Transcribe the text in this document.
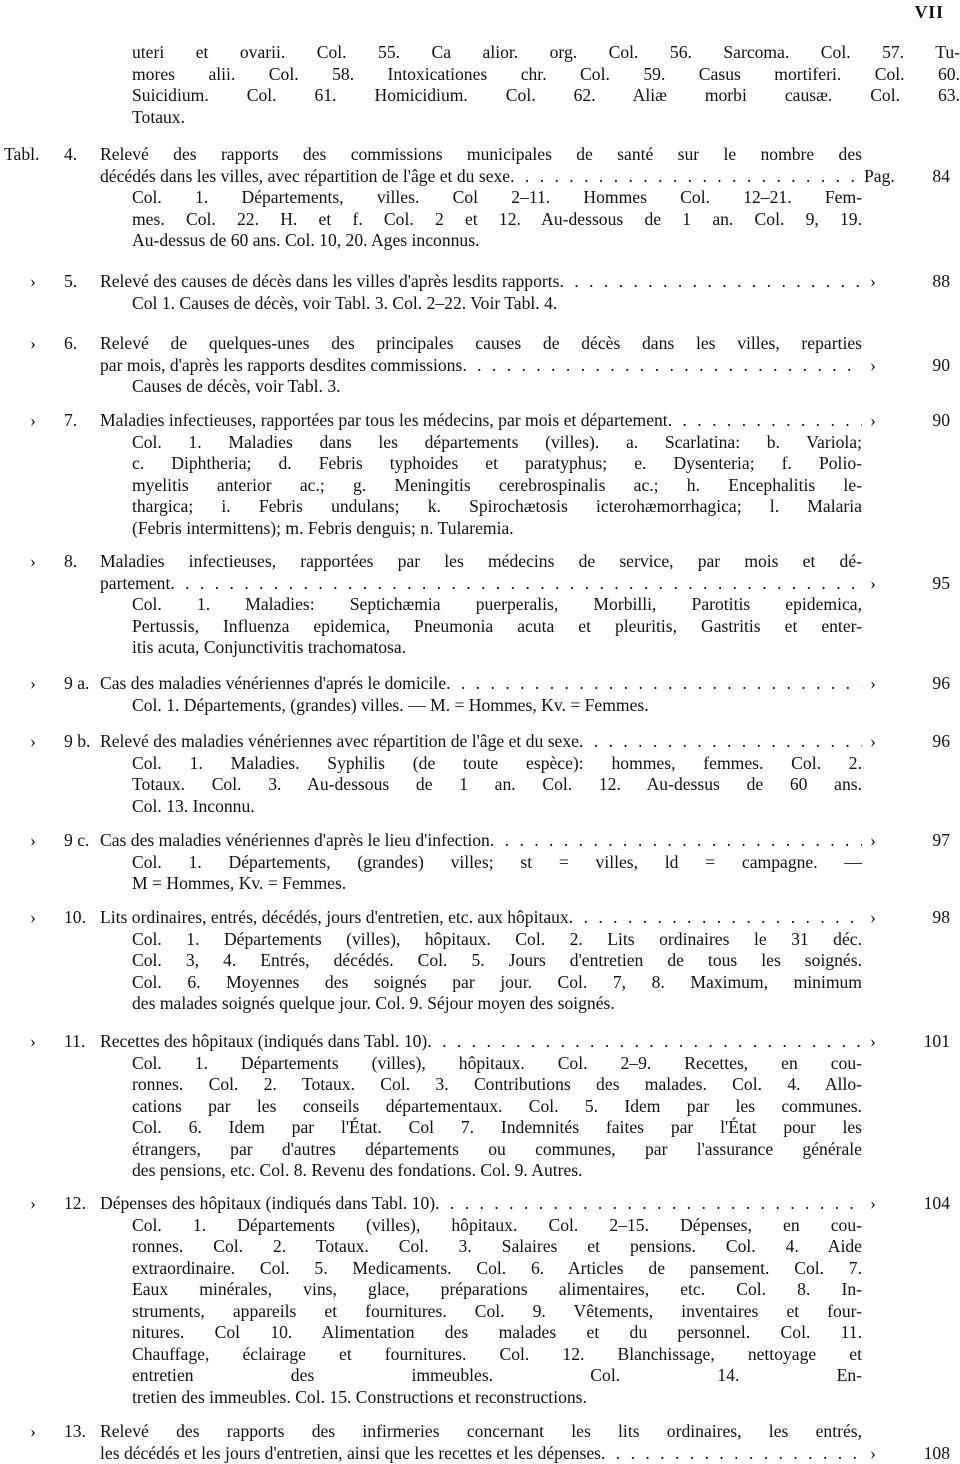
VII
uteri et ovarii. Col. 55. Ca alior. org. Col. 56. Sarcoma. Col. 57. Tu-
mores alii. Col. 58. Intoxicationes chr. Col. 59. Casus mortiferi. Col. 60.
Suicidium. Col. 61. Homicidium. Col. 62. Aliæ morbi causæ. Col. 63.
Totaux.
Tabl. 4.	Relevé des rapports des commissions municipales de santé sur le nombre des
décédés dans les villes, avec répartition de l'âge et du sexe . . .	Pag. 84
Col. 1. Départements, villes. Col 2–11. Hommes Col. 12–21. Fem-
mes. Col. 22. H. et f. Col. 2 et 12. Au-dessous de 1 an. Col. 9, 19.
Au-dessus de 60 ans. Col. 10, 20. Ages inconnus.
› 5. Relevé des causes de décès dans les villes d'après lesdits rapports . . .	›	88
Col 1. Causes de décès, voir Tabl. 3. Col. 2–22. Voir Tabl. 4.
› 6.	Relevé de quelques-unes des principales causes de décès dans les villes, reparties
par mois, d'après les rapports desdites commissions . . .	›	90
Causes de décès, voir Tabl. 3.
› 7. Maladies infectieuses, rapportées par tous les médecins, par mois et département . . .	›	90
Col. 1. Maladies dans les départements (villes). a. Scarlatina: b. Variola;
c. Diphtheria; d. Febris typhoides et paratyphus; e. Dysenteria; f. Polio-
myelitis anterior ac.; g. Meningitis cerebrospinalis ac.; h. Encephalitis le-
thargica; i. Febris undulans; k. Spirochætosis icterohæmorrhagica; l. Malaria
(Febris intermittens); m. Febris denguis; n. Tularemia.
› 8.	Maladies infectieuses, rapportées par les médecins de service, par mois et dé-
partement . . .	›	95
Col. 1. Maladies: Septichæmia puerperalis, Morbilli, Parotitis epidemica,
Pertussis, Influenza epidemica, Pneumonia acuta et pleuritis, Gastritis et enter-
itis acuta, Conjunctivitis trachomatosa.
› 9 a. Cas des maladies vénériennes d'aprés le domicile . . .	›	96
Col. 1. Départements, (grandes) villes. — M. = Hommes, Kv. = Femmes.
› 9 b. Relevé des maladies vénériennes avec répartition de l'âge et du sexe . . .	›	96
Col. 1. Maladies. Syphilis (de toute espèce): hommes, femmes. Col. 2.
Totaux. Col. 3. Au-dessous de 1 an. Col. 12. Au-dessus de 60 ans.
Col. 13. Inconnu.
› 9 c. Cas des maladies vénériennes d'après le lieu d'infection . . .	›	97
Col. 1. Départements, (grandes) villes; st = villes, ld = campagne. —
M = Hommes, Kv. = Femmes.
› 10. Lits ordinaires, entrés, décédés, jours d'entretien, etc. aux hôpitaux . . .	›	98
Col. 1. Départements (villes), hôpitaux. Col. 2. Lits ordinaires le 31 déc.
Col. 3, 4. Entrés, décédés. Col. 5. Jours d'entretien de tous les soignés.
Col. 6. Moyennes des soignés par jour. Col. 7, 8. Maximum, minimum
des malades soignés quelque jour. Col. 9. Séjour moyen des soignés.
› 11. Recettes des hôpitaux (indiqués dans Tabl. 10) . . .	›	101
Col. 1. Départements (villes), hôpitaux. Col. 2–9. Recettes, en cou-
ronnes. Col. 2. Totaux. Col. 3. Contributions des malades. Col. 4. Allo-
cations par les conseils départementaux. Col. 5. Idem par les communes.
Col. 6. Idem par l'État. Col 7. Indemnités faites par l'État pour les
étrangers, par d'autres départements ou communes, par l'assurance générale
des pensions, etc. Col. 8. Revenu des fondations. Col. 9. Autres.
› 12. Dépenses des hôpitaux (indiqués dans Tabl. 10) . . .	›	104
Col. 1. Départements (villes), hôpitaux. Col. 2–15. Dépenses, en cou-
ronnes. Col. 2. Totaux. Col. 3. Salaires et pensions. Col. 4. Aide
extraordinaire. Col. 5. Medicaments. Col. 6. Articles de pansement. Col. 7.
Eaux minérales, vins, glace, préparations alimentaires, etc. Col. 8. In-
struments, appareils et fournitures. Col. 9. Vêtements, inventaires et four-
nitures. Col 10. Alimentation des malades et du personnel. Col. 11.
Chauffage, éclairage et fournitures. Col. 12. Blanchissage, nettoyage et
entretien des immeubles. Col. 14. En-
tretien des immeubles. Col. 15. Constructions et reconstructions.
› 13. Relevé des rapports des infirmeries concernant les lits ordinaires, les entrés,
les décédés et les jours d'entretien, ainsi que les recettes et les dépenses . . .	›	108
